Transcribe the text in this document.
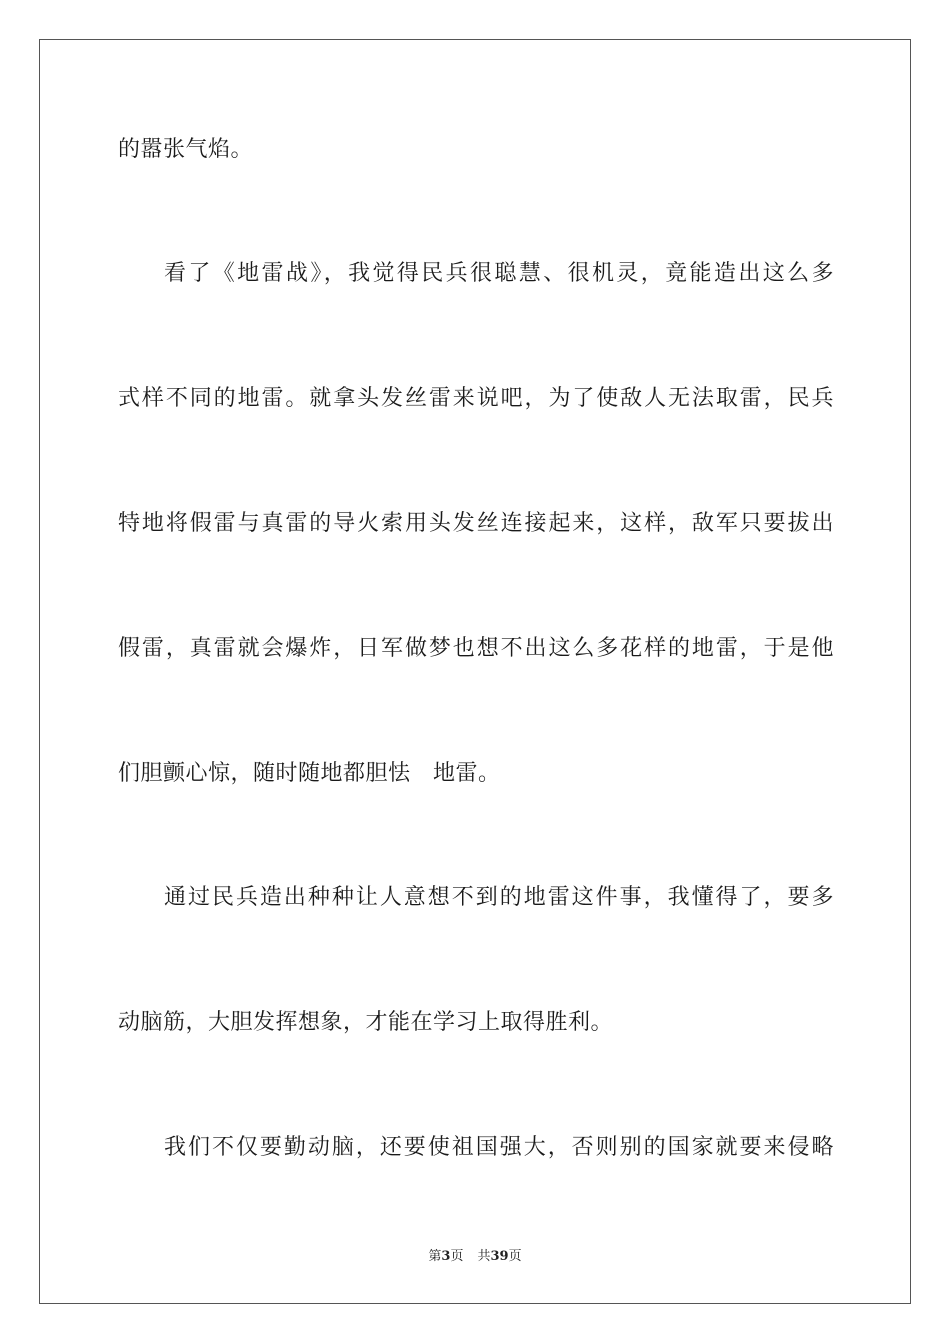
的嚣张气焰。
看了《地雷战》，我觉得民兵很聪慧、很机灵，竟能造出这么多
式样不同的地雷。就拿头发丝雷来说吧，为了使敌人无法取雷，民兵
特地将假雷与真雷的导火索用头发丝连接起来，这样，敌军只要拔出
假雷，真雷就会爆炸，日军做梦也想不出这么多花样的地雷，于是他
们胆颤心惊，随时随地都胆怯　地雷。
通过民兵造出种种让人意想不到的地雷这件事，我懂得了，要多
动脑筋，大胆发挥想象，才能在学习上取得胜利。
我们不仅要勤动脑，还要使祖国强大，否则别的国家就要来侵略
第3页 共39页
